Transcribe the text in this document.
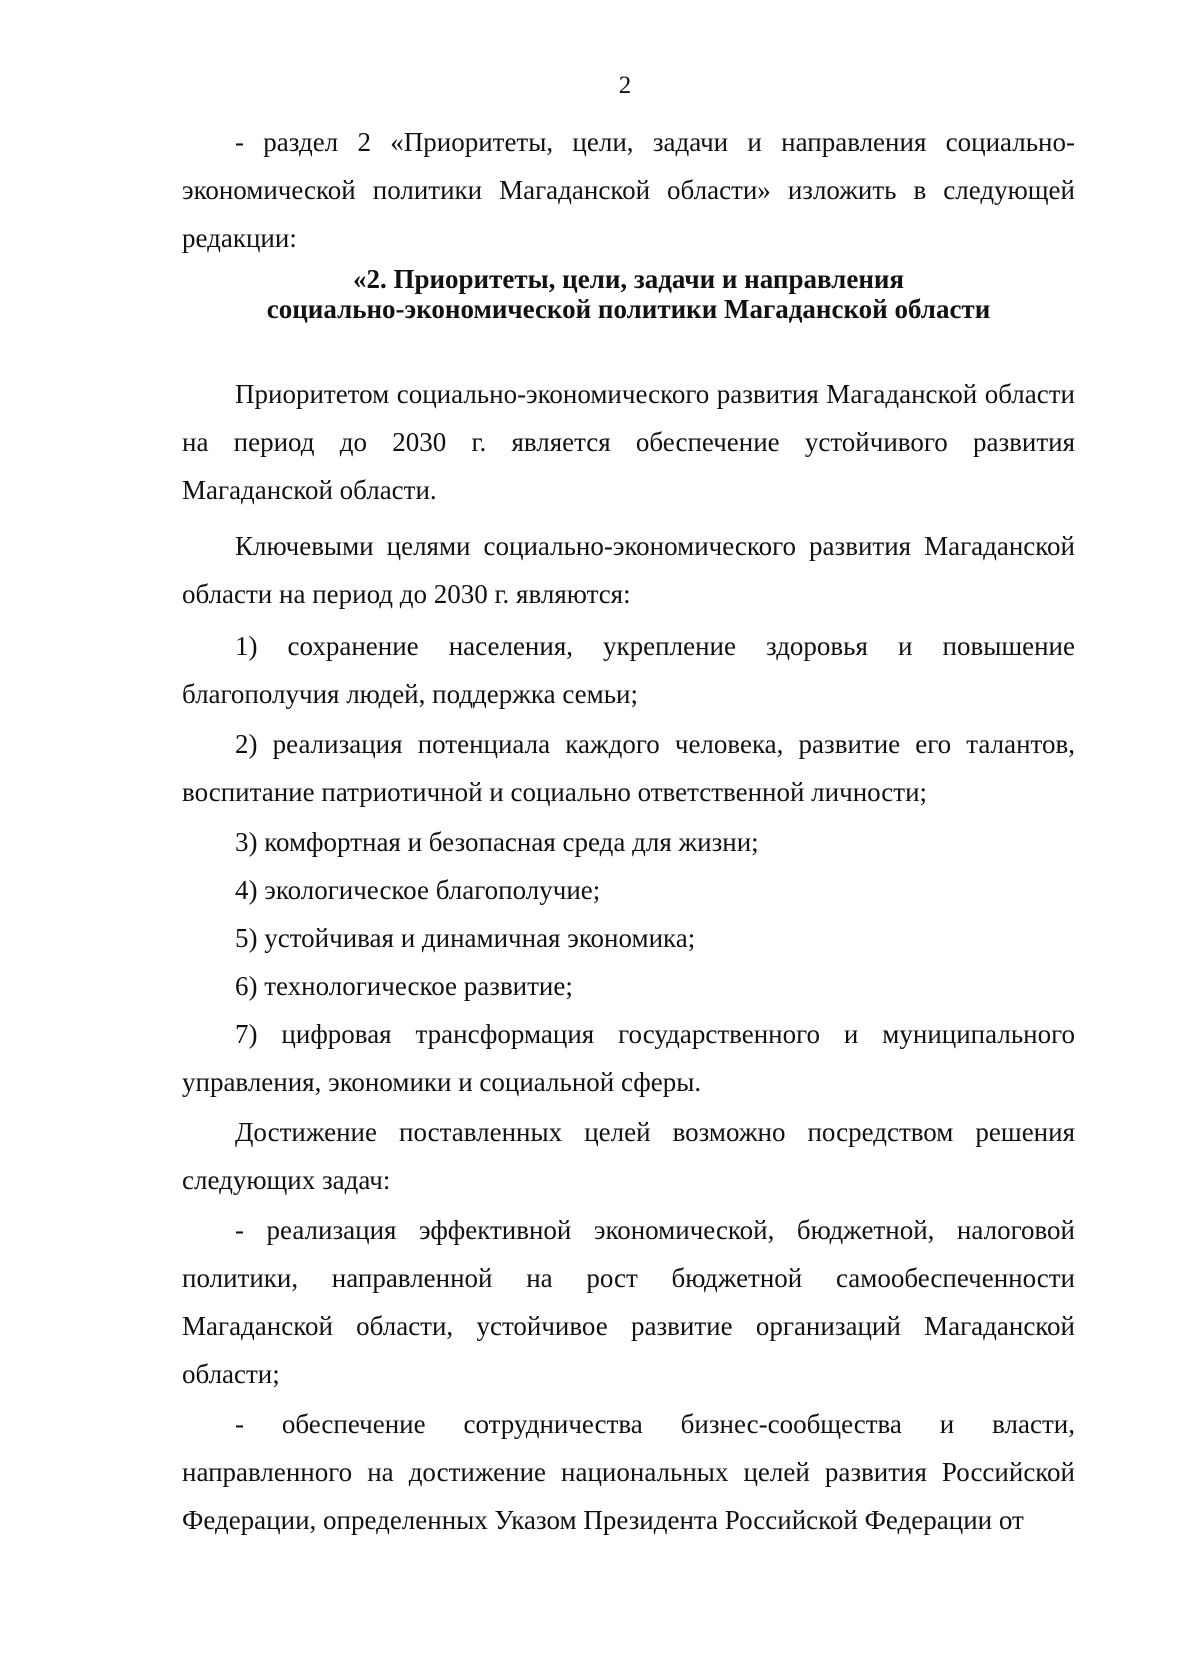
2

- раздел 2 «Приоритеты, цели, задачи и направления социально-экономической политики Магаданской области» изложить в следующей редакции:

«2. Приоритеты, цели, задачи и направления
социально-экономической политики Магаданской области

Приоритетом социально-экономического развития Магаданской области на период до 2030 г. является обеспечение устойчивого развития Магаданской области.

Ключевыми целями социально-экономического развития Магаданской области на период до 2030 г. являются:

1) сохранение населения, укрепление здоровья и повышение благополучия людей, поддержка семьи;

2) реализация потенциала каждого человека, развитие его талантов, воспитание патриотичной и социально ответственной личности;

3) комфортная и безопасная среда для жизни;

4) экологическое благополучие;

5) устойчивая и динамичная экономика;

6) технологическое развитие;

7) цифровая трансформация государственного и муниципального управления, экономики и социальной сферы.

Достижение поставленных целей возможно посредством решения следующих задач:

- реализация эффективной экономической, бюджетной, налоговой политики, направленной на рост бюджетной самообеспеченности Магаданской области, устойчивое развитие организаций Магаданской области;

- обеспечение сотрудничества бизнес-сообщества и власти, направленного на достижение национальных целей развития Российской Федерации, определенных Указом Президента Российской Федерации от
